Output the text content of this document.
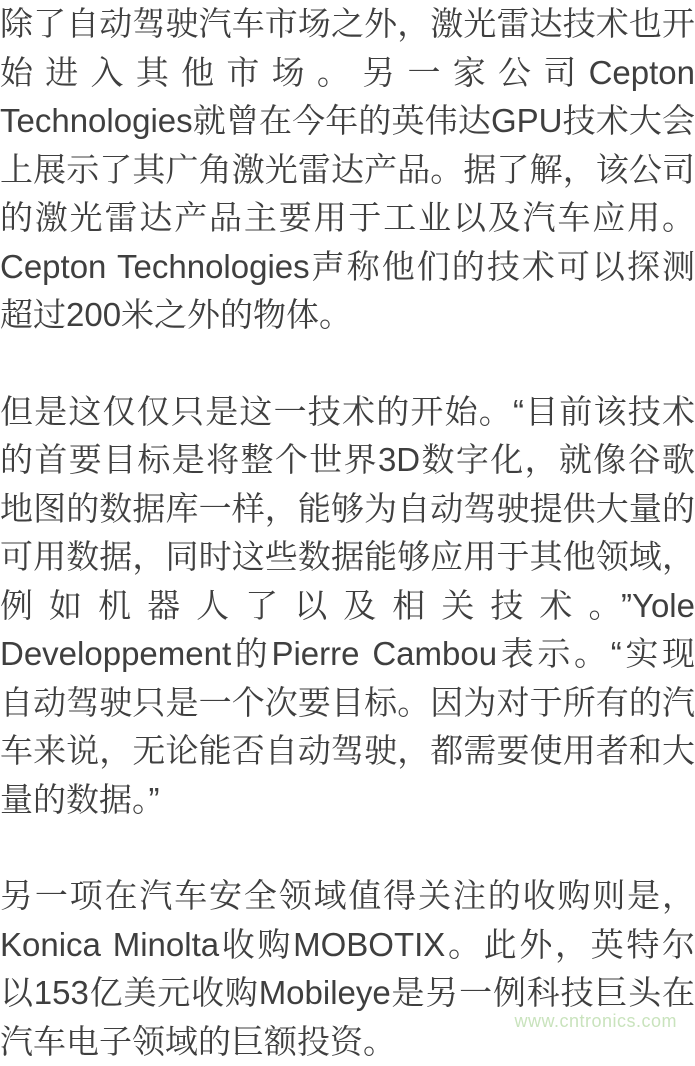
除了自动驾驶汽车市场之外，激光雷达技术也开始进入其他市场。另一家公司Cepton Technologies就曾在今年的英伟达GPU技术大会上展示了其广角激光雷达产品。据了解，该公司的激光雷达产品主要用于工业以及汽车应用。Cepton Technologies声称他们的技术可以探测超过200米之外的物体。

但是这仅仅只是这一技术的开始。“目前该技术的首要目标是将整个世界3D数字化，就像谷歌地图的数据库一样，能够为自动驾驶提供大量的可用数据，同时这些数据能够应用于其他领域，例如机器人了以及相关技术。”Yole Developpement的Pierre Cambou表示。“实现自动驾驶只是一个次要目标。因为对于所有的汽车来说，无论能否自动驾驶，都需要使用者和大量的数据。”

另一项在汽车安全领域值得关注的收购则是，Konica Minolta收购MOBOTIX。此外，英特尔以153亿美元收购Mobileye是另一例科技巨头在汽车电子领域的巨额投资。

www.cntronics.com
